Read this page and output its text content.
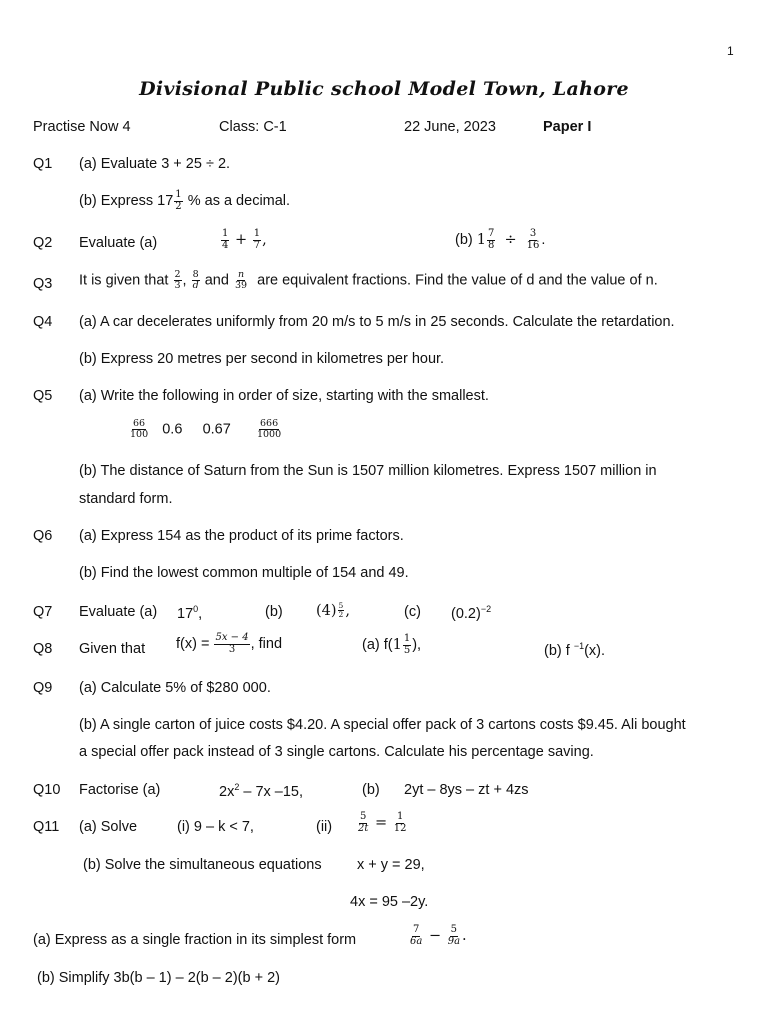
1
Divisional Public school Model Town, Lahore
Practise Now 4	Class: C-1	22 June, 2023	Paper I
Q1 (a) Evaluate 3 + 25 ÷ 2.
(b) Express $17 \frac{1}{2}$ % as a decimal.
Q2 Evaluate (a)	$\frac{1}{4} + \frac{1}{7}$ ,	(b) $1 \frac{7}{8} \div \frac{3}{16}$ .
Q3 It is given that $\frac{2}{3}$ , $\frac{8}{d}$ and $\frac{n}{39}$ are equivalent fractions. Find the value of d and the value of n.
Q4 (a) A car decelerates uniformly from 20 m/s to 5 m/s in 25 seconds. Calculate the retardation.
(b) Express 20 metres per second in kilometres per hour.
Q5 (a) Write the following in order of size, starting with the smallest.
$\frac{66}{100} 0.6$ 0.67	$\frac{666}{1000}$
(b) The distance of Saturn from the Sun is 1507 million kilometres. Express 1507 million in
standard form.
Q6 (a) Express 154 as the product of its prime factors.
(b) Find the lowest common multiple of 154 and 49.
Q7 Evaluate (a) $17^0$,	(b) $(4) \frac{5}{2}$ ,	(c) $(0.2)^{-2}$
Q8 Given that $f(x) = \frac{5x - 4}{3}$ , find	(a) $f(1 \frac{1}{5}$ ),	(b) f $^{-1}$(x).
Q9 (a) Calculate 5% of $280 000.
(b) A single carton of juice costs $4.20. A special offer pack of 3 cartons costs $9.45. Ali bought
a special offer pack instead of 3 single cartons. Calculate his percentage saving.
Q10 Factorise (a)	$2x^2 - 7x$ –15,	(b) 2yt – 8ys – zt + 4zs
Q11 (a) Solve	(i) 9 – k < 7,	$(ii) \frac{5}{2t} = \frac{1}{12}$
(b) Solve the simultaneous equations x + y = 29,
4x = 95 –2y.
(a) Express as a single fraction in its simplest form	$\frac{7}{6a} - \frac{5}{9a}$ .
(b) Simplify 3b(b – 1) – 2(b – 2)(b + 2)
